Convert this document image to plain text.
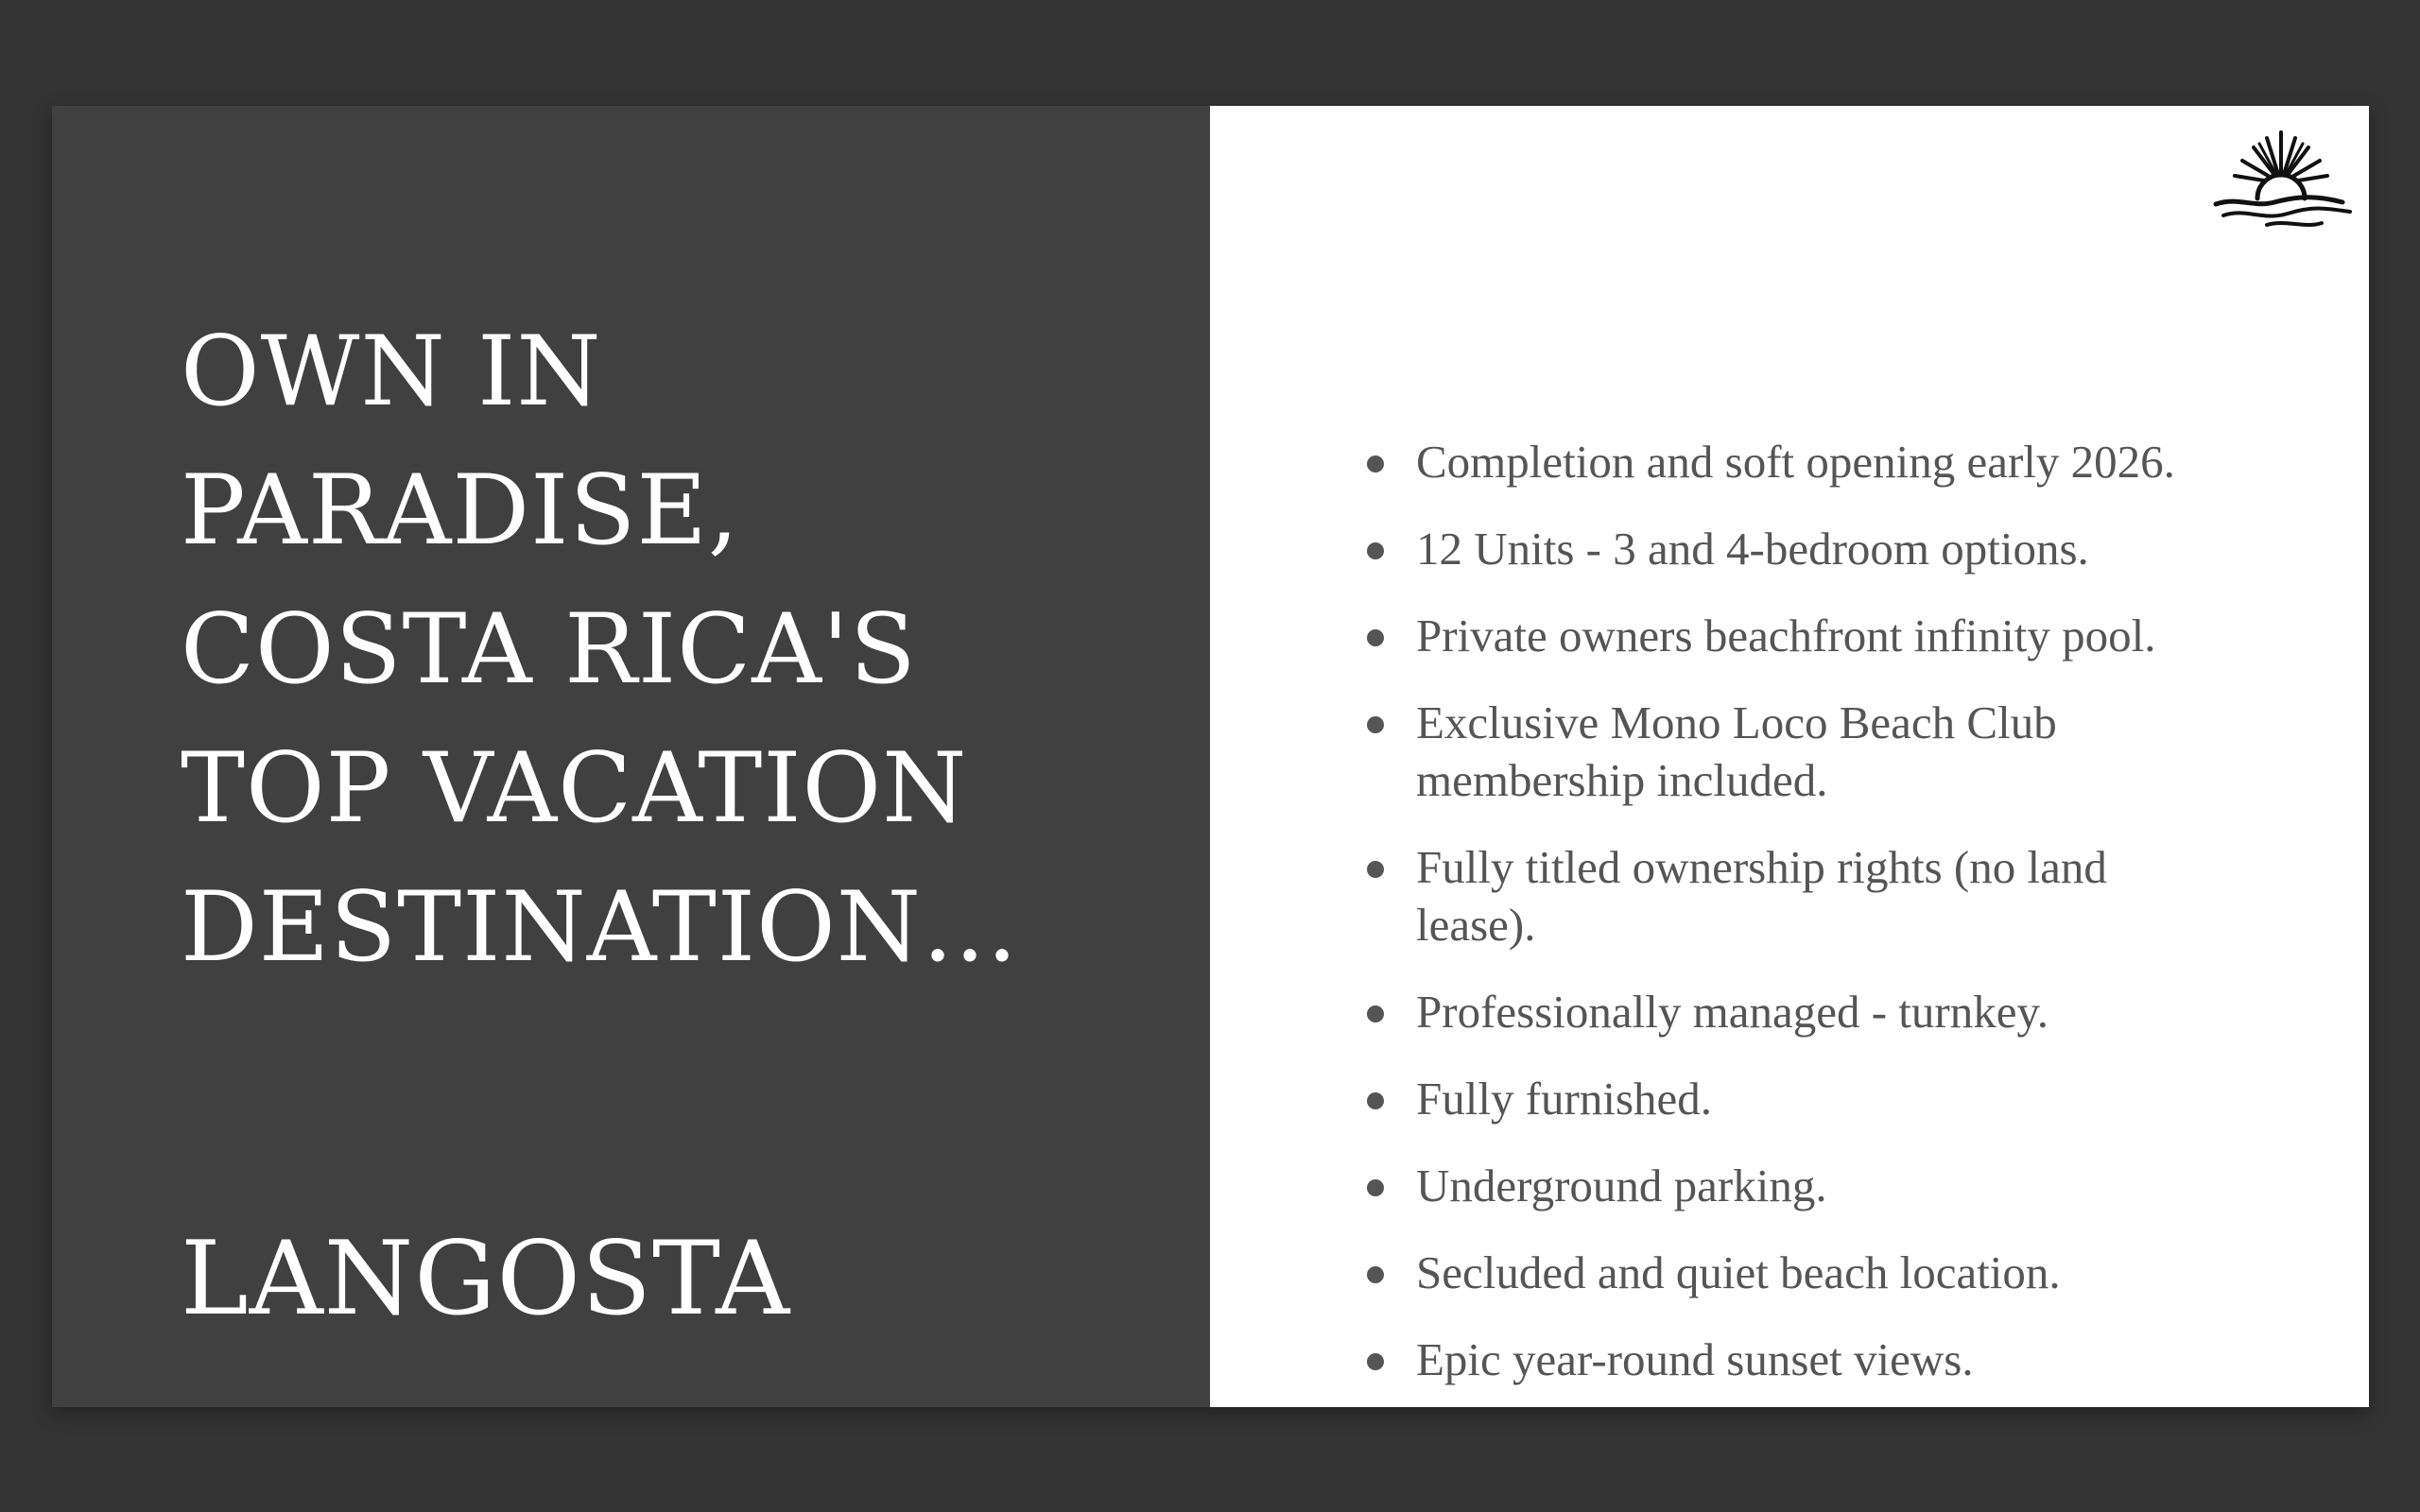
OWN IN
PARADISE,
COSTA RICA'S
TOP VACATION
DESTINATION…
LANGOSTA
Completion and soft opening early 2026.
12 Units - 3 and 4-bedroom options.
Private owners beachfront infinity pool.
Exclusive Mono Loco Beach Club membership included.
Fully titled ownership rights (no land lease).
Professionally managed - turnkey.
Fully furnished.
Underground parking.
Secluded and quiet beach location.
Epic year-round sunset views.
